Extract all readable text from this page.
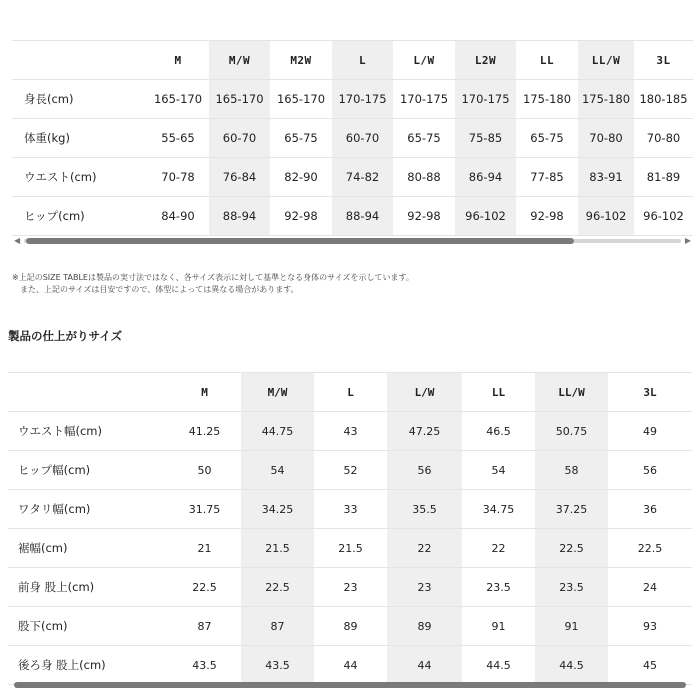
	M	M/W	M2W	L	L/W	L2W	LL	LL/W	3L
身長(cm)	165-170	165-170	165-170	170-175	170-175	170-175	175-180	175-180	180-185
体重(kg)	55-65	60-70	65-75	60-70	65-75	75-85	65-75	70-80	70-80
ウエスト(cm)	70-78	76-84	82-90	74-82	80-88	86-94	77-85	83-91	81-89
ヒップ(cm)	84-90	88-94	92-98	88-94	92-98	96-102	92-98	96-102	96-102
◀	▶
※上記のSIZE TABLEは製品の実寸法ではなく、各サイズ表示に対して基準となる身体のサイズを示しています。
また、上記のサイズは目安ですので、体型によっては異なる場合があります。
製品の仕上がりサイズ
	M	M/W	L	L/W	LL	LL/W	3L
ウエスト幅(cm)	41.25	44.75	43	47.25	46.5	50.75	49
ヒップ幅(cm)	50	54	52	56	54	58	56
ワタリ幅(cm)	31.75	34.25	33	35.5	34.75	37.25	36
裾幅(cm)	21	21.5	21.5	22	22	22.5	22.5
前身 股上(cm)	22.5	22.5	23	23	23.5	23.5	24
股下(cm)	87	87	89	89	91	91	93
後ろ身 股上(cm)	43.5	43.5	44	44	44.5	44.5	45
